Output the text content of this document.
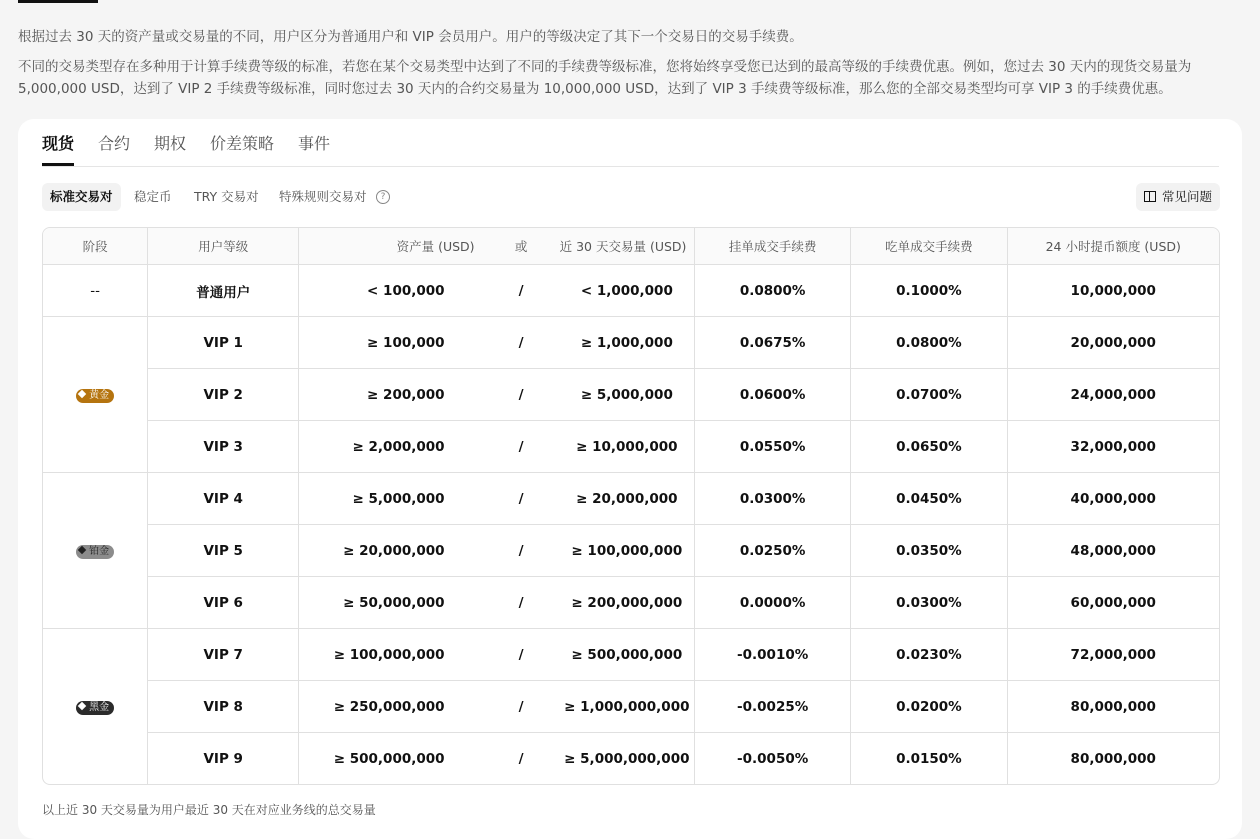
根据过去 30 天的资产量或交易量的不同，用户区分为普通用户和 VIP 会员用户。用户的等级决定了其下一个交易日的交易手续费。

不同的交易类型存在多种用于计算手续费等级的标准，若您在某个交易类型中达到了不同的手续费等级标准，您将始终享受您已达到的最高等级的手续费优惠。例如，您过去 30 天内的现货交易量为 5,000,000 USD，达到了 VIP 2 手续费等级标准，同时您过去 30 天内的合约交易量为 10,000,000 USD，达到了 VIP 3 手续费等级标准，那么您的全部交易类型均可享 VIP 3 的手续费优惠。

现货 合约 期权 价差策略 事件
标准交易对	稳定币 TRY 交易对 特殊规则交易对	?	常见问题
阶段	用户等级	资产量 (USD)	或	近 30 天交易量 (USD)	挂单成交手续费	吃单成交手续费	24 小时提币额度 (USD)
--	普通用户	< 100,000	/	< 1,000,000	0.0800%	0.1000%	10,000,000
黄金	VIP 1	≥ 100,000	/	≥ 1,000,000	0.0675%	0.0800%	20,000,000
	VIP 2	≥ 200,000	/	≥ 5,000,000	0.0600%	0.0700%	24,000,000
	VIP 3	≥ 2,000,000	/	≥ 10,000,000	0.0550%	0.0650%	32,000,000
铂金	VIP 4	≥ 5,000,000	/	≥ 20,000,000	0.0300%	0.0450%	40,000,000
	VIP 5	≥ 20,000,000	/	≥ 100,000,000	0.0250%	0.0350%	48,000,000
	VIP 6	≥ 50,000,000	/	≥ 200,000,000	0.0000%	0.0300%	60,000,000
黑金	VIP 7	≥ 100,000,000	/	≥ 500,000,000	-0.0010%	0.0230%	72,000,000
	VIP 8	≥ 250,000,000	/	≥ 1,000,000,000	-0.0025%	0.0200%	80,000,000
	VIP 9	≥ 500,000,000	/	≥ 5,000,000,000	-0.0050%	0.0150%	80,000,000
以上近 30 天交易量为用户最近 30 天在对应业务线的总交易量
